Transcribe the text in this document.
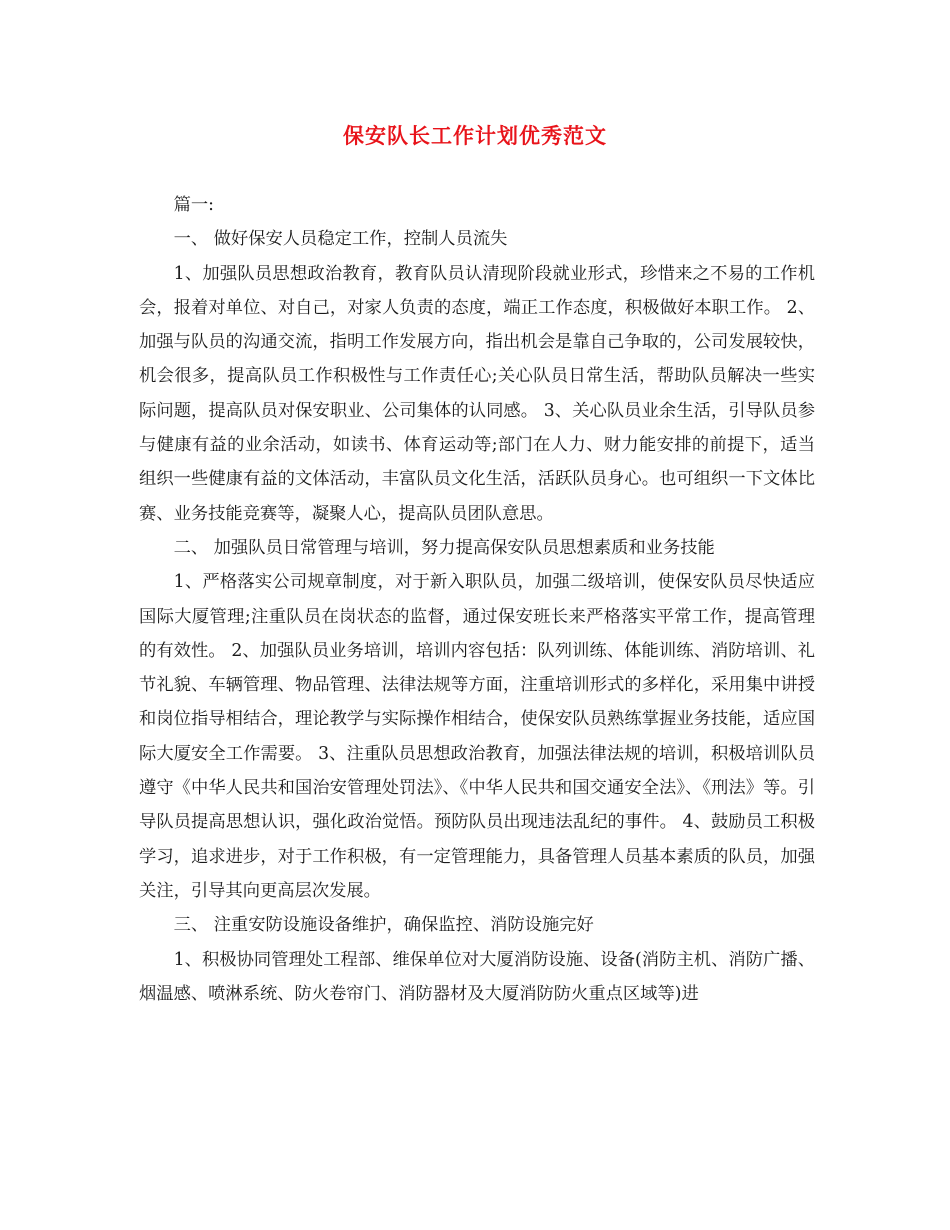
保安队长工作计划优秀范文

篇一:

一、 做好保安人员稳定工作，控制人员流失

1、加强队员思想政治教育，教育队员认清现阶段就业形式，珍惜来之不易的工作机会，报着对单位、对自己，对家人负责的态度，端正工作态度，积极做好本职工作。 2、加强与队员的沟通交流，指明工作发展方向，指出机会是靠自己争取的，公司发展较快，机会很多，提高队员工作积极性与工作责任心;关心队员日常生活，帮助队员解决一些实际问题，提高队员对保安职业、公司集体的认同感。 3、关心队员业余生活，引导队员参与健康有益的业余活动，如读书、体育运动等;部门在人力、财力能安排的前提下，适当组织一些健康有益的文体活动，丰富队员文化生活，活跃队员身心。也可组织一下文体比赛、业务技能竞赛等，凝聚人心，提高队员团队意思。

二、 加强队员日常管理与培训，努力提高保安队员思想素质和业务技能

1、严格落实公司规章制度，对于新入职队员，加强二级培训，使保安队员尽快适应国际大厦管理;注重队员在岗状态的监督，通过保安班长来严格落实平常工作，提高管理的有效性。 2、加强队员业务培训，培训内容包括：队列训练、体能训练、消防培训、礼节礼貌、车辆管理、物品管理、法律法规等方面，注重培训形式的多样化，采用集中讲授和岗位指导相结合，理论教学与实际操作相结合，使保安队员熟练掌握业务技能，适应国际大厦安全工作需要。 3、注重队员思想政治教育，加强法律法规的培训，积极培训队员遵守《中华人民共和国治安管理处罚法》、《中华人民共和国交通安全法》、《刑法》等。引导队员提高思想认识，强化政治觉悟。预防队员出现违法乱纪的事件。 4、鼓励员工积极学习，追求进步，对于工作积极，有一定管理能力，具备管理人员基本素质的队员，加强关注，引导其向更高层次发展。

三、 注重安防设施设备维护，确保监控、消防设施完好

1、积极协同管理处工程部、维保单位对大厦消防设施、设备(消防主机、消防广播、烟温感、喷淋系统、防火卷帘门、消防器材及大厦消防防火重点区域等)进
